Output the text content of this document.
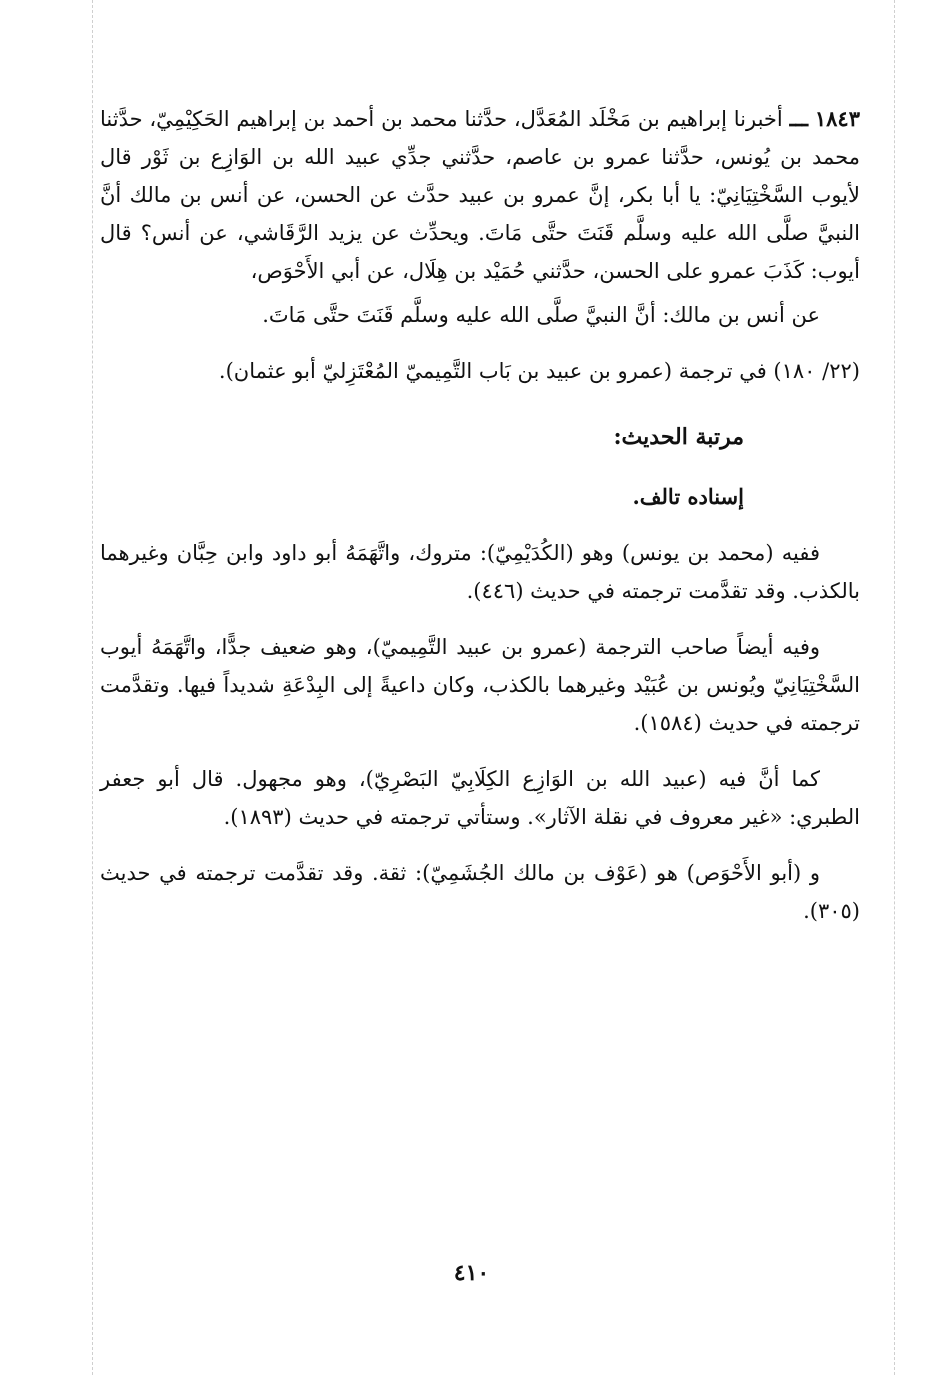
١٨٤٣ ـــ أخبرنا إبراهيم بن مَخْلَد المُعَدَّل، حدَّثنا محمد بن أحمد بن إبراهيم الحَكِيْمِيّ، حدَّثنا محمد بن يُونس، حدَّثنا عمرو بن عاصم، حدَّثني جدِّي عبيد الله بن الوَازِع بن ثَوْر قال لأيوب السَّخْتِيَانِيّ: يا أبا بكر، إنَّ عمرو بن عبيد حدَّث عن الحسن، عن أنس بن مالك أنَّ النبيَّ صلَّى الله عليه وسلَّم قَنَتَ حتَّى مَاتَ. ويحدِّث عن يزيد الرَّقَاشي، عن أنس؟ قال أيوب: كَذَبَ عمرو على الحسن، حدَّثني حُمَيْد بن هِلَال، عن أبي الأَحْوَص،

عن أنس بن مالك: أنَّ النبيَّ صلَّى الله عليه وسلَّم قَنَتَ حتَّى مَاتَ.

(٢٢/ ١٨٠) في ترجمة (عمرو بن عبيد بن بَاب التَّمِيميّ المُعْتَزِليّ أبو عثمان).

مرتبة الحديث:

إسناده تالف.

ففيه (محمد بن يونس) وهو (الكُدَيْمِيّ): متروك، واتَّهَمَهُ أبو داود وابن حِبَّان وغيرهما بالكذب. وقد تقدَّمت ترجمته في حديث (٤٤٦).

وفيه أيضاً صاحب الترجمة (عمرو بن عبيد التَّمِيميّ)، وهو ضعيف جدًّا، واتَّهَمَهُ أيوب السَّخْتِيَانِيّ ويُونس بن عُبَيْد وغيرهما بالكذب، وكان داعيةً إلى البِدْعَةِ شديداً فيها. وتقدَّمت ترجمته في حديث (١٥٨٤).

كما أنَّ فيه (عبيد الله بن الوَازِع الكِلَابِيّ البَصْرِيّ)، وهو مجهول. قال أبو جعفر الطبري: «غير معروف في نقلة الآثار». وستأتي ترجمته في حديث (١٨٩٣).

و (أبو الأَحْوَص) هو (عَوْف بن مالك الجُشَمِيّ): ثقة. وقد تقدَّمت ترجمته في حديث (٣٠٥).

٤١٠
